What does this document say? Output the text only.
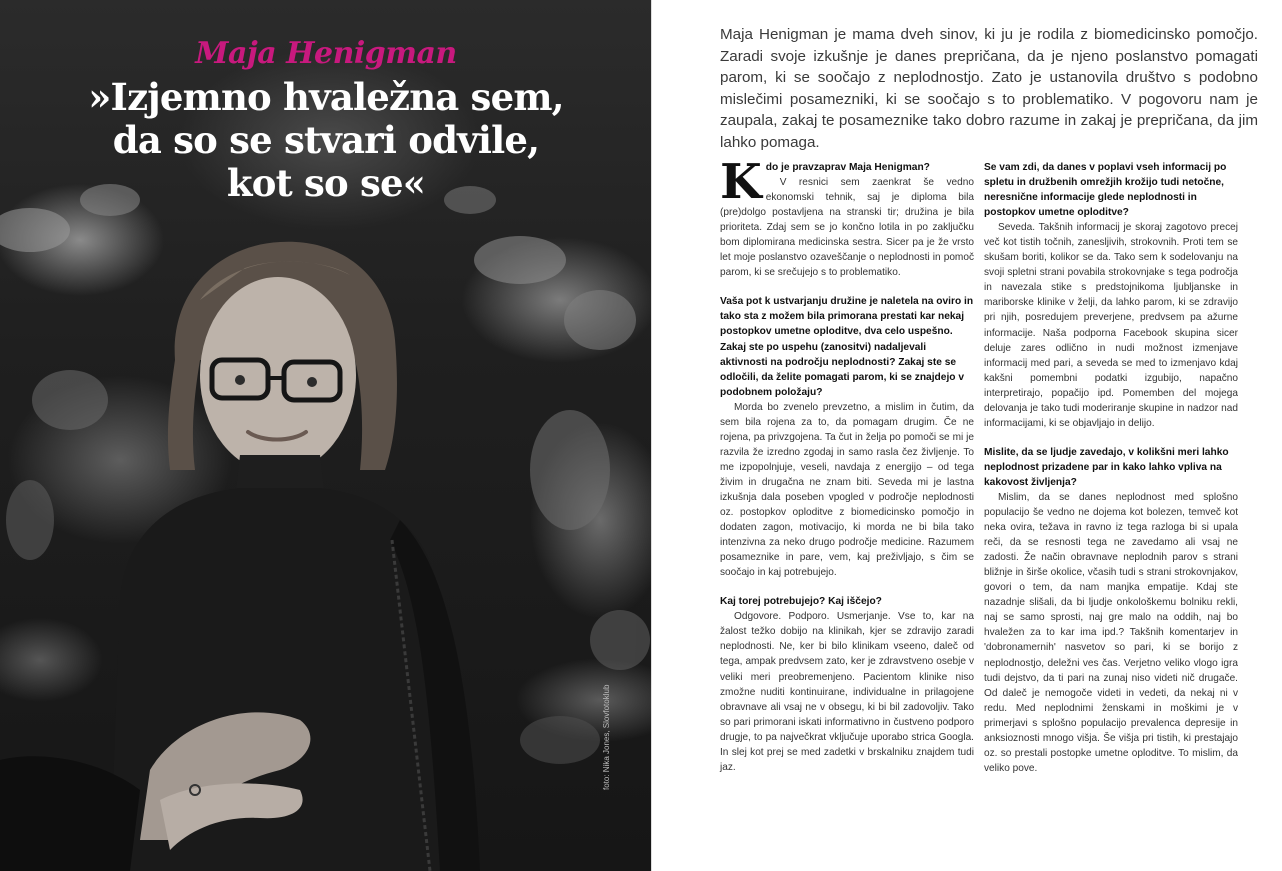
Maja Henigman
»Izjemno hvaležna sem,
da so se stvari odvile,
kot so se«
foto: Nika Jones, Slovfotoklub

Maja Henigman je mama dveh sinov, ki ju je rodila z biomedicinsko pomočjo. Zaradi svoje izkušnje je danes prepričana, da je njeno poslanstvo pomagati parom, ki se soočajo z neplodnostjo. Zato je ustanovila društvo s podobno mislečimi posamezniki, ki se soočajo s to problematiko. V pogovoru nam je zaupala, zakaj te posameznike tako dobro razume in zakaj je prepričana, da jim lahko pomaga.

K do je pravzaprav Maja Henigman?

V resnici sem zaenkrat še vedno ekonomski tehnik, saj je diploma bila (pre)dolgo postavljena na stranski tir; družina je bila prioriteta. Zdaj sem se jo končno lotila in po zaključku bom diplomirana medicinska sestra. Sicer pa je že vrsto let moje poslanstvo ozaveščanje o neplodnosti in pomoč parom, ki se srečujejo s to problematiko.

Vaša pot k ustvarjanju družine je naletela na oviro in tako sta z možem bila primorana prestati kar nekaj postopkov umetne oploditve, dva celo uspešno. Zakaj ste po uspehu (zanositvi) nadaljevali aktivnosti na področju neplodnosti? Zakaj ste se odločili, da želite pomagati parom, ki se znajdejo v podobnem položaju?

Morda bo zvenelo prevzetno, a mislim in čutim, da sem bila rojena za to, da pomagam drugim. Če ne rojena, pa privzgojena. Ta čut in želja po pomoči se mi je razvila že izredno zgodaj in samo rasla čez življenje. To me izpopolnjuje, veseli, navdaja z energijo – od tega živim in drugačna ne znam biti. Seveda mi je lastna izkušnja dala poseben vpogled v področje neplodnosti oz. postopkov oploditve z biomedicinsko pomočjo in dodaten zagon, motivacijo, ki morda ne bi bila tako intenzivna za neko drugo področje medicine. Razumem posameznike in pare, vem, kaj preživljajo, s čim se soočajo in kaj potrebujejo.

Kaj torej potrebujejo? Kaj iščejo?

Odgovore. Podporo. Usmerjanje. Vse to, kar na žalost težko dobijo na klinikah, kjer se zdravijo zaradi neplodnosti. Ne, ker bi bilo klinikam vseeno, daleč od tega, ampak predvsem zato, ker je zdravstveno osebje v veliki meri preobremenjeno. Pacientom klinike niso zmožne nuditi kontinuirane, individualne in prilagojene obravnave ali vsaj ne v obsegu, ki bi bil zadovoljiv. Tako so pari primorani iskati informativno in čustveno podporo drugje, to pa največkrat vključuje uporabo strica Googla. In slej kot prej se med zadetki v brskalniku znajdem tudi jaz.

Se vam zdi, da danes v poplavi vseh informacij po spletu in družbenih omrežjih krožijo tudi netočne, neresnične informacije glede neplodnosti in postopkov umetne oploditve?

Seveda. Takšnih informacij je skoraj zagotovo precej več kot tistih točnih, zanesljivih, strokovnih. Proti tem se skušam boriti, kolikor se da. Tako sem k sodelovanju na svoji spletni strani povabila strokovnjake s tega področja in navezala stike s predstojnikoma ljubljanske in mariborske klinike v želji, da lahko parom, ki se zdravijo pri njih, posredujem preverjene, predvsem pa ažurne informacije. Naša podporna Facebook skupina sicer deluje zares odlično in nudi možnost izmenjave informacij med pari, a seveda se med to izmenjavo kdaj kakšni pomembni podatki izgubijo, napačno interpretirajo, popačijo ipd. Pomemben del mojega delovanja je tako tudi moderiranje skupine in nadzor nad informacijami, ki se objavljajo in delijo.

Mislite, da se ljudje zavedajo, v kolikšni meri lahko neplodnost prizadene par in kako lahko vpliva na kakovost življenja?

Mislim, da se danes neplodnost med splošno populacijo še vedno ne dojema kot bolezen, temveč kot neka ovira, težava in ravno iz tega razloga bi si upala reči, da se resnosti tega ne zavedamo ali vsaj ne zadosti. Že način obravnave neplodnih parov s strani bližnje in širše okolice, včasih tudi s strani strokovnjakov, govori o tem, da nam manjka empatije. Kdaj ste nazadnje slišali, da bi ljudje onkološkemu bolniku rekli, naj se samo sprosti, naj gre malo na oddih, naj bo hvaležen za to kar ima ipd.? Takšnih komentarjev in 'dobronamernih' nasvetov so pari, ki se borijo z neplodnostjo, deležni ves čas. Verjetno veliko vlogo igra tudi dejstvo, da ti pari na zunaj niso videti nič drugače. Od daleč je nemogoče videti in vedeti, da nekaj ni v redu. Med neplodnimi ženskami in moškimi je v primerjavi s splošno populacijo prevalenca depresije in anksioznosti mnogo višja. Še višja pri tistih, ki prestajajo oz. so prestali postopke umetne oploditve. To mislim, da veliko pove.
